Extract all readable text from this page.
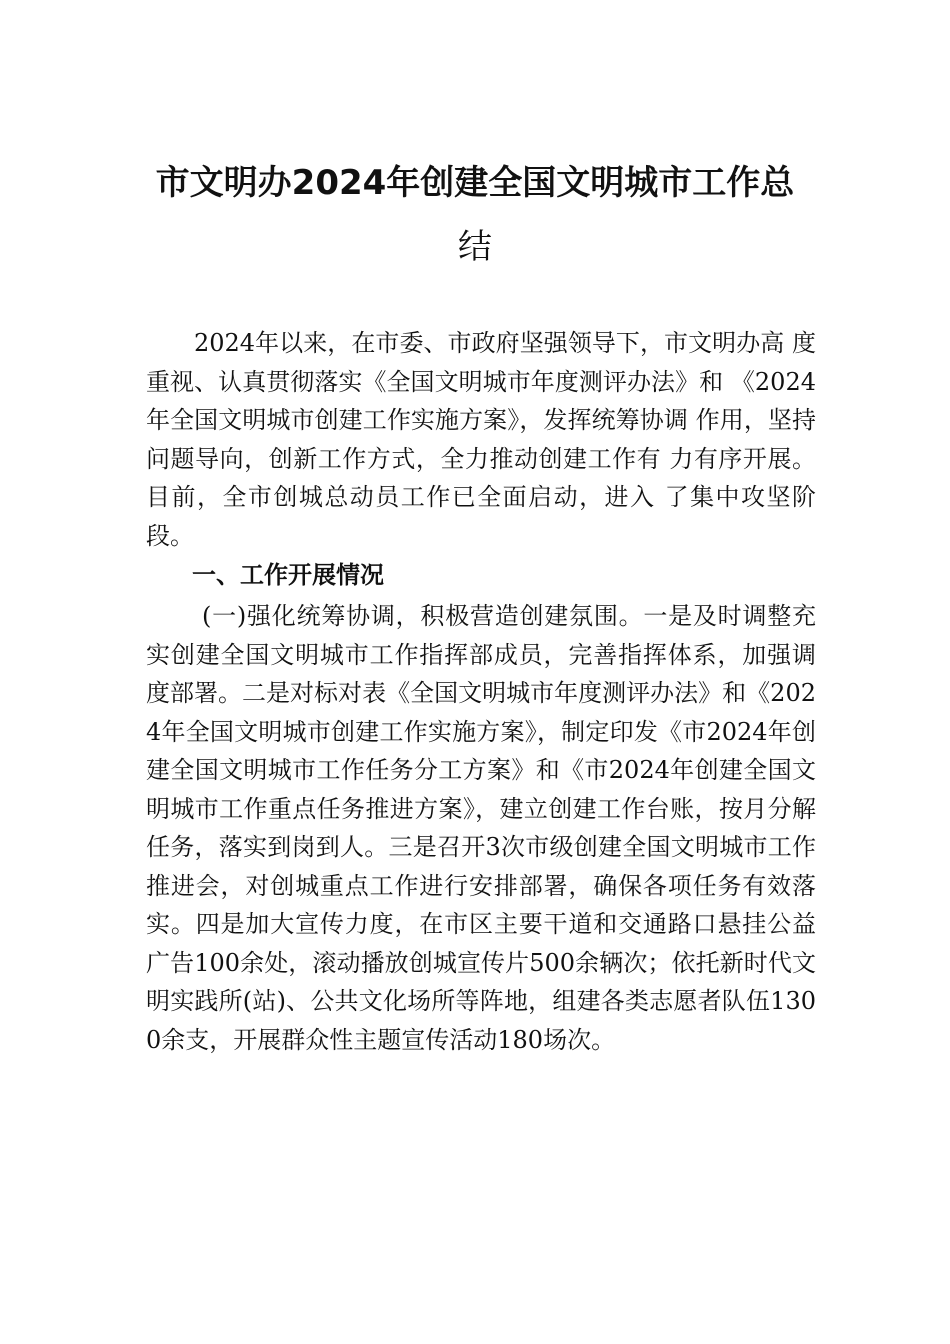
市文明办2024年创建全国文明城市工作总
结
2024年以来，在市委、市政府坚强领导下，市文明办高 度重视、认真贯彻落实《全国文明城市年度测评办法》和 《2024年全国文明城市创建工作实施方案》，发挥统筹协调 作用，坚持问题导向，创新工作方式，全力推动创建工作有 力有序开展。目前，全市创城总动员工作已全面启动，进入 了集中攻坚阶段。
一、工作开展情况
(一)强化统筹协调，积极营造创建氛围。一是及时调整充实创建全国文明城市工作指挥部成员，完善指挥体系，加强调度部署。二是对标对表《全国文明城市年度测评办法》和《2024年全国文明城市创建工作实施方案》，制定印发《市2024年创建全国文明城市工作任务分工方案》和《市2024年创建全国文明城市工作重点任务推进方案》，建立创建工作台账，按月分解任务，落实到岗到人。三是召开3次市级创建全国文明城市工作推进会，对创城重点工作进行安排部署，确保各项任务有效落实。四是加大宣传力度，在市区主要干道和交通路口悬挂公益广告100余处，滚动播放创城宣传片500余辆次；依托新时代文明实践所(站)、公共文化场所等阵地，组建各类志愿者队伍1300余支，开展群众性主题宣传活动180场次。
